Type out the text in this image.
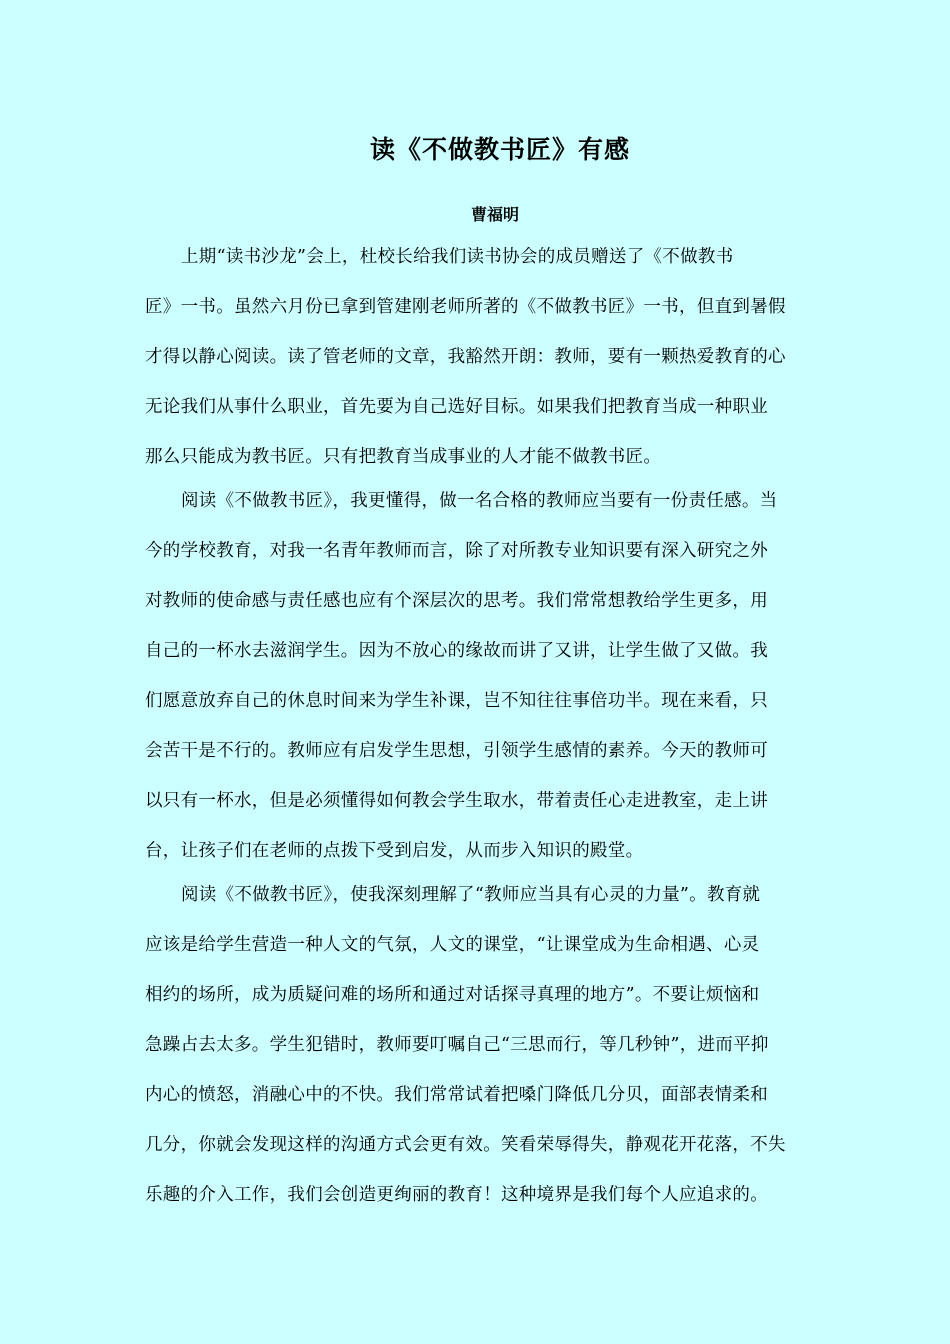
读《不做教书匠》有感
曹福明
上期“读书沙龙”会上，杜校长给我们读书协会的成员赠送了《不做教书
匠》一书。虽然六月份已拿到管建刚老师所著的《不做教书匠》一书，但直到暑假
才得以静心阅读。读了管老师的文章，我豁然开朗：教师，要有一颗热爱教育的心
无论我们从事什么职业，首先要为自己选好目标。如果我们把教育当成一种职业
那么只能成为教书匠。只有把教育当成事业的人才能不做教书匠。
阅读《不做教书匠》，我更懂得，做一名合格的教师应当要有一份责任感。当
今的学校教育，对我一名青年教师而言，除了对所教专业知识要有深入研究之外
对教师的使命感与责任感也应有个深层次的思考。我们常常想教给学生更多，用
自己的一杯水去滋润学生。因为不放心的缘故而讲了又讲，让学生做了又做。我
们愿意放弃自己的休息时间来为学生补课，岂不知往往事倍功半。现在来看，只
会苦干是不行的。教师应有启发学生思想，引领学生感情的素养。今天的教师可
以只有一杯水，但是必须懂得如何教会学生取水，带着责任心走进教室，走上讲
台，让孩子们在老师的点拨下受到启发，从而步入知识的殿堂。
阅读《不做教书匠》，使我深刻理解了“教师应当具有心灵的力量”。教育就
应该是给学生营造一种人文的气氛，人文的课堂，“让课堂成为生命相遇、心灵
相约的场所，成为质疑问难的场所和通过对话探寻真理的地方”。不要让烦恼和
急躁占去太多。学生犯错时，教师要叮嘱自己“三思而行，等几秒钟”，进而平抑
内心的愤怒，消融心中的不快。我们常常试着把嗓门降低几分贝，面部表情柔和
几分，你就会发现这样的沟通方式会更有效。笑看荣辱得失，静观花开花落，不失
乐趣的介入工作，我们会创造更绚丽的教育！这种境界是我们每个人应追求的。
